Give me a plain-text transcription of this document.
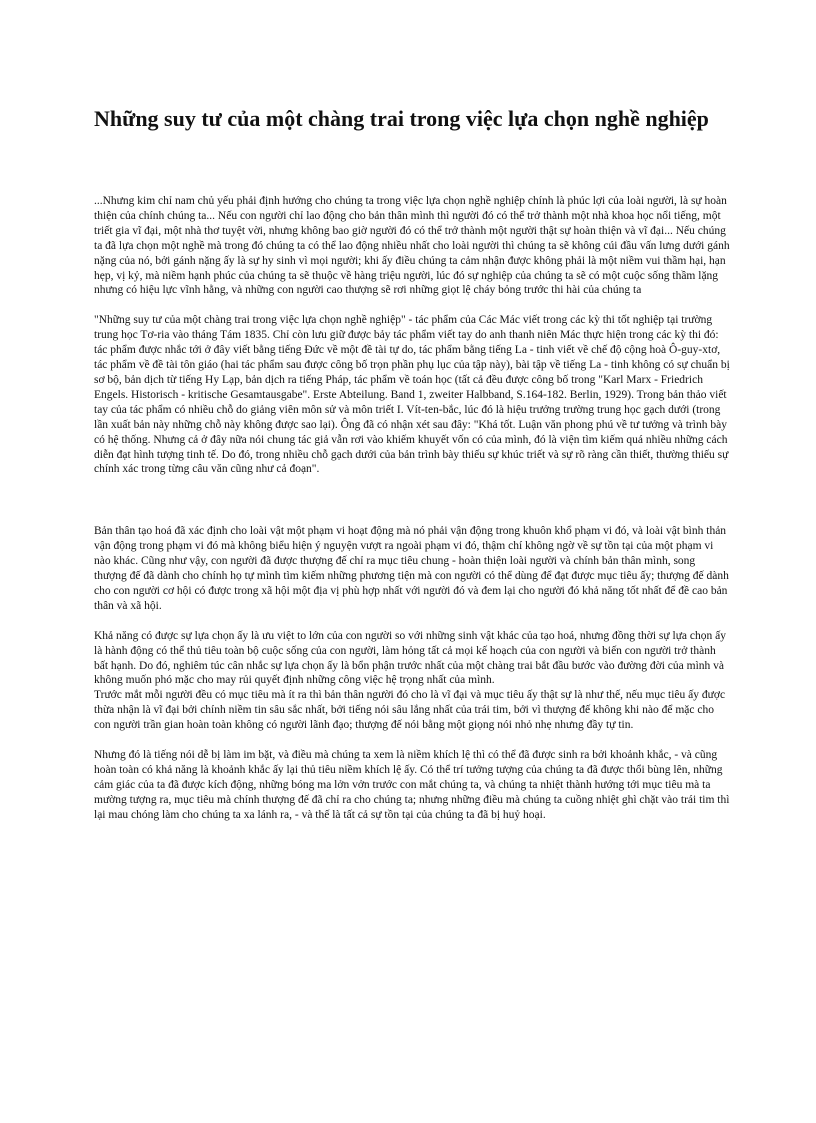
Những suy tư của một chàng trai trong việc lựa chọn nghề nghiệp

...Nhưng kim chỉ nam chủ yếu phải định hướng cho chúng ta trong việc lựa chọn nghề nghiệp chính là phúc lợi của loài người, là sự hoàn thiện của chính chúng ta... Nếu con người chỉ lao động cho bản thân mình thì người đó có thể trở thành một nhà khoa học nổi tiếng, một triết gia vĩ đại, một nhà thơ tuyệt vời, nhưng không bao giờ người đó có thể trở thành một người thật sự hoàn thiện và vĩ đại... Nếu chúng ta đã lựa chọn một nghề mà trong đó chúng ta có thể lao động nhiều nhất cho loài người thì chúng ta sẽ không cúi đầu vấn lưng dưới gánh nặng của nó, bởi gánh nặng ấy là sự hy sinh vì mọi người; khi ấy điều chúng ta cảm nhận được không phải là một niềm vui thầm hại, hạn hẹp, vị kỷ, mà niềm hạnh phúc của chúng ta sẽ thuộc về hàng triệu người, lúc đó sự nghiệp của chúng ta sẽ có một cuộc sống thầm lặng nhưng có hiệu lực vĩnh hằng, và những con người cao thượng sẽ rơi những giọt lệ cháy bỏng trước thi hài của chúng ta

"Những suy tư của một chàng trai trong việc lựa chọn nghề nghiệp" - tác phẩm của Các Mác viết trong các kỳ thi tốt nghiệp tại trường trung học Tơ-ria vào tháng Tám 1835. Chỉ còn lưu giữ được bảy tác phẩm viết tay do anh thanh niên Mác thực hiện trong các kỳ thi đó: tác phẩm được nhắc tới ở đây viết bằng tiếng Đức về một đề tài tự do, tác phẩm bằng tiếng La - tinh viết về chế độ cộng hoà Ô-guy-xtơ, tác phẩm về đề tài tôn giáo (hai tác phẩm sau được công bố trọn phần phụ lục của tập này), bài tập về tiếng La - tinh không có sự chuẩn bị sơ bộ, bản dịch từ tiếng Hy Lạp, bản dịch ra tiếng Pháp, tác phẩm về toán học (tất cả đều được công bố trong "Karl Marx - Friedrich Engels. Historisch - kritische Gesamtausgabe". Erste Abteilung. Band 1, zweiter Halbband, S.164-182. Berlin, 1929). Trong bản thảo viết tay của tác phẩm có nhiều chỗ do giảng viên môn sử và môn triết I. Vít-ten-bắc, lúc đó là hiệu trưởng trường trung học gạch dưới (trong lần xuất bản này những chỗ này không được sao lại). Ông đã có nhận xét sau đây: "Khá tốt. Luận văn phong phú về tư tưởng và trình bày có hệ thống. Nhưng cả ở đây nữa nói chung tác giả vẫn rơi vào khiếm khuyết vốn có của mình, đó là viện tìm kiếm quá nhiều những cách diễn đạt hình tượng tinh tế. Do đó, trong nhiều chỗ gạch dưới của bản trình bày thiếu sự khúc triết và sự rõ ràng cần thiết, thường thiếu sự chính xác trong từng câu văn cũng như cả đoạn".

Bản thân tạo hoá đã xác định cho loài vật một phạm vi hoạt động mà nó phải vận động trong khuôn khổ phạm vi đó, và loài vật bình thản vận động trong phạm vi đó mà không biểu hiện ý nguyện vượt ra ngoài phạm vi đó, thậm chí không ngờ về sự tồn tại của một phạm vi nào khác. Cũng như vậy, con người đã được thượng đế chỉ ra mục tiêu chung - hoàn thiện loài người và chính bản thân mình, song thượng đế đã dành cho chính họ tự mình tìm kiếm những phương tiện mà con người có thể dùng để đạt được mục tiêu ấy; thượng đế dành cho con người cơ hội có được trong xã hội một địa vị phù hợp nhất với người đó và đem lại cho người đó khả năng tốt nhất để đề cao bản thân và xã hội.

Khả năng có được sự lựa chọn ấy là ưu việt to lớn của con người so với những sinh vật khác của tạo hoá, nhưng đồng thời sự lựa chọn ấy là hành động có thể thủ tiêu toàn bộ cuộc sống của con người, làm hỏng tất cả mọi kế hoạch của con người và biến con người trở thành bất hạnh. Do đó, nghiêm túc cân nhắc sự lựa chọn ấy là bổn phận trước nhất của một chàng trai bắt đầu bước vào đường đời của mình và không muốn phó mặc cho may rủi quyết định những công việc hệ trọng nhất của mình.

Trước mắt mỗi người đều có mục tiêu mà ít ra thì bản thân người đó cho là vĩ đại và mục tiêu ấy thật sự là như thế, nếu mục tiêu ấy được thừa nhận là vĩ đại bởi chính niềm tin sâu sắc nhất, bởi tiếng nói sâu lắng nhất của trái tim, bởi vì thượng đế không khi nào để mặc cho con người trần gian hoàn toàn không có người lãnh đạo; thượng đế nói bằng một giọng nói nhỏ nhẹ nhưng đầy tự tin.

Nhưng đó là tiếng nói dễ bị làm im bặt, và điều mà chúng ta xem là niềm khích lệ thì có thể đã được sinh ra bởi khoảnh khắc, - và cũng hoàn toàn có khả năng là khoảnh khắc ấy lại thủ tiêu niềm khích lệ ấy. Có thể trí tưởng tượng của chúng ta đã được thổi bùng lên, những cảm giác của ta đã được kích động, những bóng ma lởn vởn trước con mắt chúng ta, và chúng ta nhiệt thành hướng tới mục tiêu mà ta mường tượng ra, mục tiêu mà chính thượng đế đã chỉ ra cho chúng ta; nhưng những điều mà chúng ta cuồng nhiệt ghì chặt vào trái tim thì lại mau chóng làm cho chúng ta xa lánh ra, - và thế là tất cả sự tồn tại của chúng ta đã bị huỷ hoại.
